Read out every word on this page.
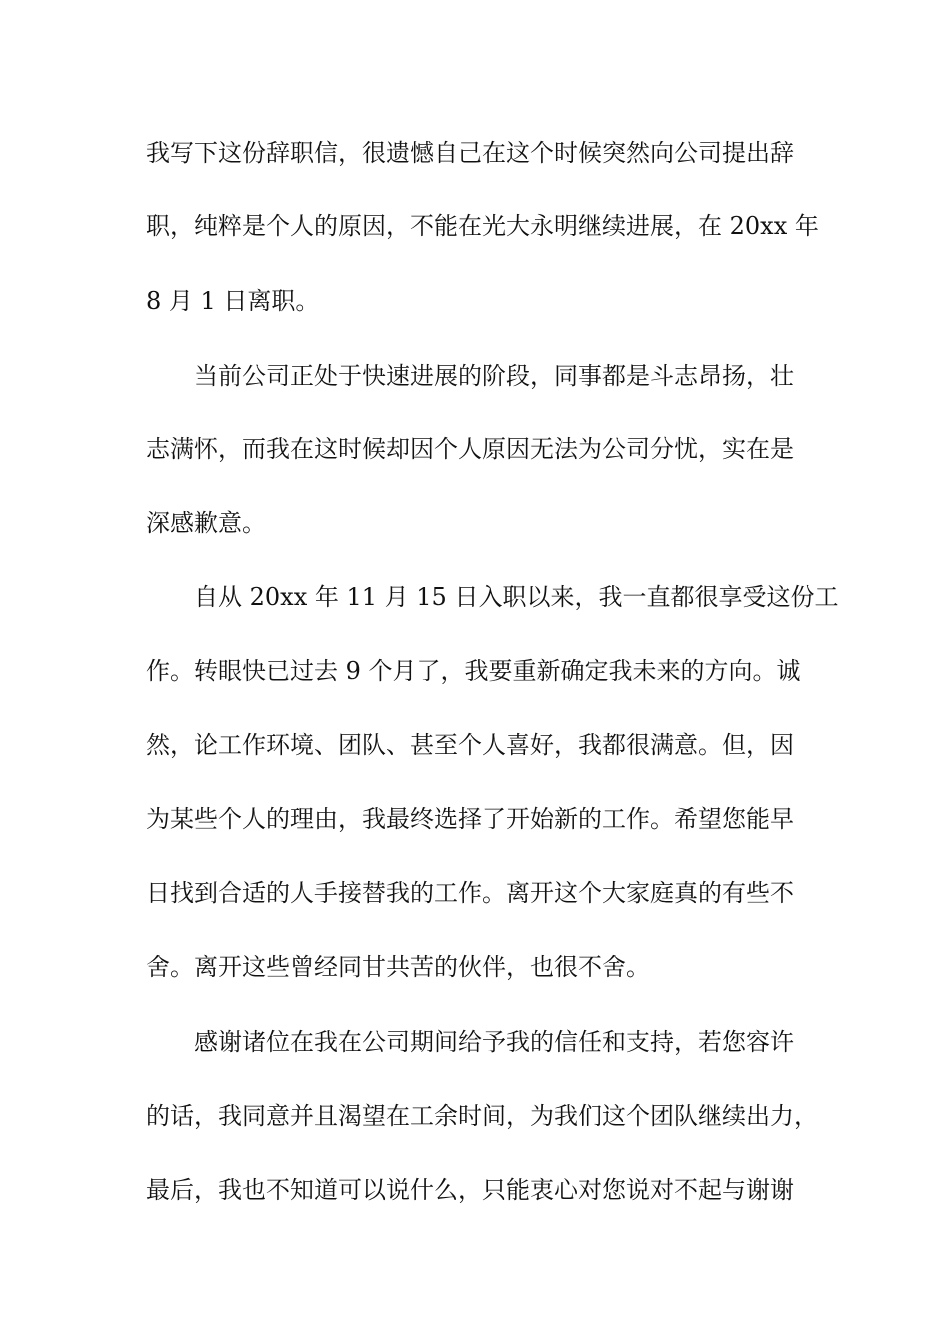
我写下这份辞职信，很遗憾自己在这个时候突然向公司提出辞
职，纯粹是个人的原因，不能在光大永明继续进展，在 20xx 年
8 月 1 日离职。
当前公司正处于快速进展的阶段，同事都是斗志昂扬，壮
志满怀，而我在这时候却因个人原因无法为公司分忧，实在是
深感歉意。
自从 20xx 年 11 月 15 日入职以来，我一直都很享受这份工
作。转眼快已过去 9 个月了，我要重新确定我未来的方向。诚
然，论工作环境、团队、甚至个人喜好，我都很满意。但，因
为某些个人的理由，我最终选择了开始新的工作。希望您能早
日找到合适的人手接替我的工作。离开这个大家庭真的有些不
舍。离开这些曾经同甘共苦的伙伴，也很不舍。
感谢诸位在我在公司期间给予我的信任和支持，若您容许
的话，我同意并且渴望在工余时间，为我们这个团队继续出力，
最后，我也不知道可以说什么，只能衷心对您说对不起与谢谢
